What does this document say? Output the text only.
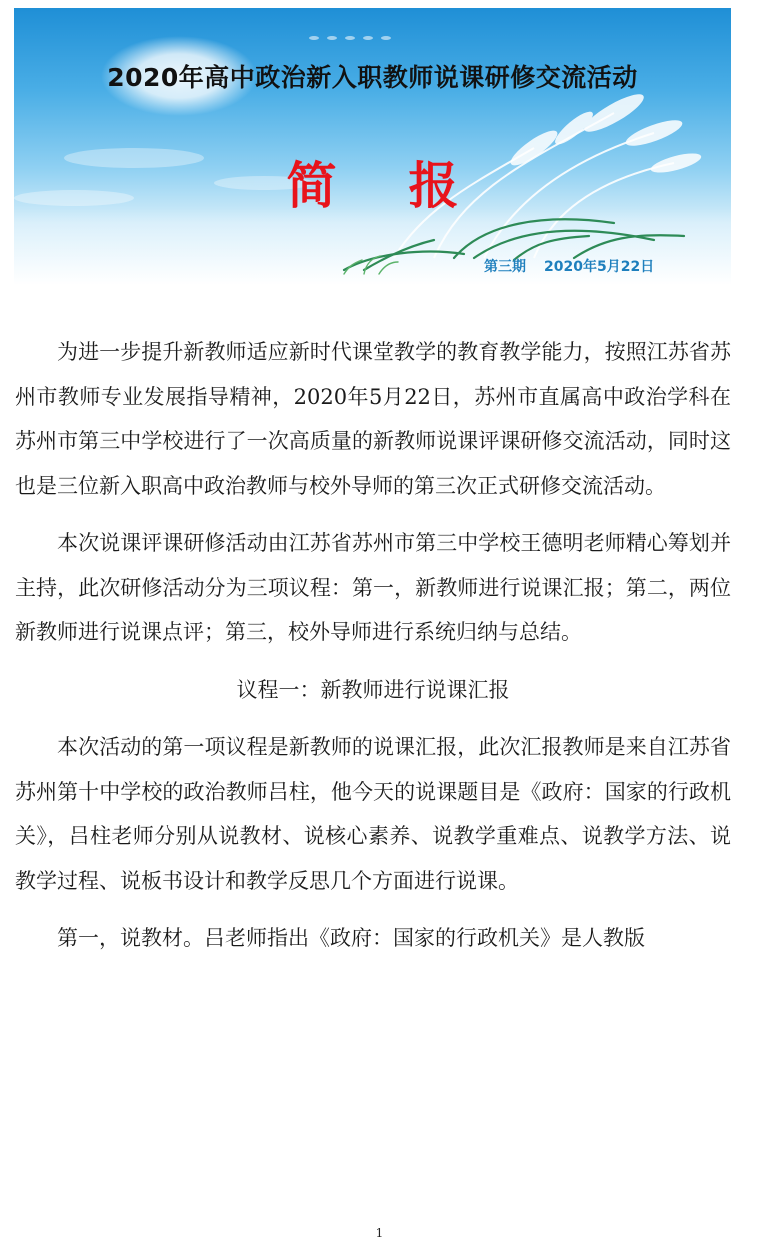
2020年高中政治新入职教师说课研修交流活动
简报
第三期 2020年5月22日

为进一步提升新教师适应新时代课堂教学的教育教学能力，按照江苏省苏州市教师专业发展指导精神，2020年5月22日，苏州市直属高中政治学科在苏州市第三中学校进行了一次高质量的新教师说课评课研修交流活动，同时这也是三位新入职高中政治教师与校外导师的第三次正式研修交流活动。

本次说课评课研修活动由江苏省苏州市第三中学校王德明老师精心筹划并主持，此次研修活动分为三项议程：第一，新教师进行说课汇报；第二，两位新教师进行说课点评；第三，校外导师进行系统归纳与总结。

议程一：新教师进行说课汇报

本次活动的第一项议程是新教师的说课汇报，此次汇报教师是来自江苏省苏州第十中学校的政治教师吕柱，他今天的说课题目是《政府：国家的行政机关》，吕柱老师分别从说教材、说核心素养、说教学重难点、说教学方法、说教学过程、说板书设计和教学反思几个方面进行说课。

第一，说教材。吕老师指出《政府：国家的行政机关》是人教版

1
